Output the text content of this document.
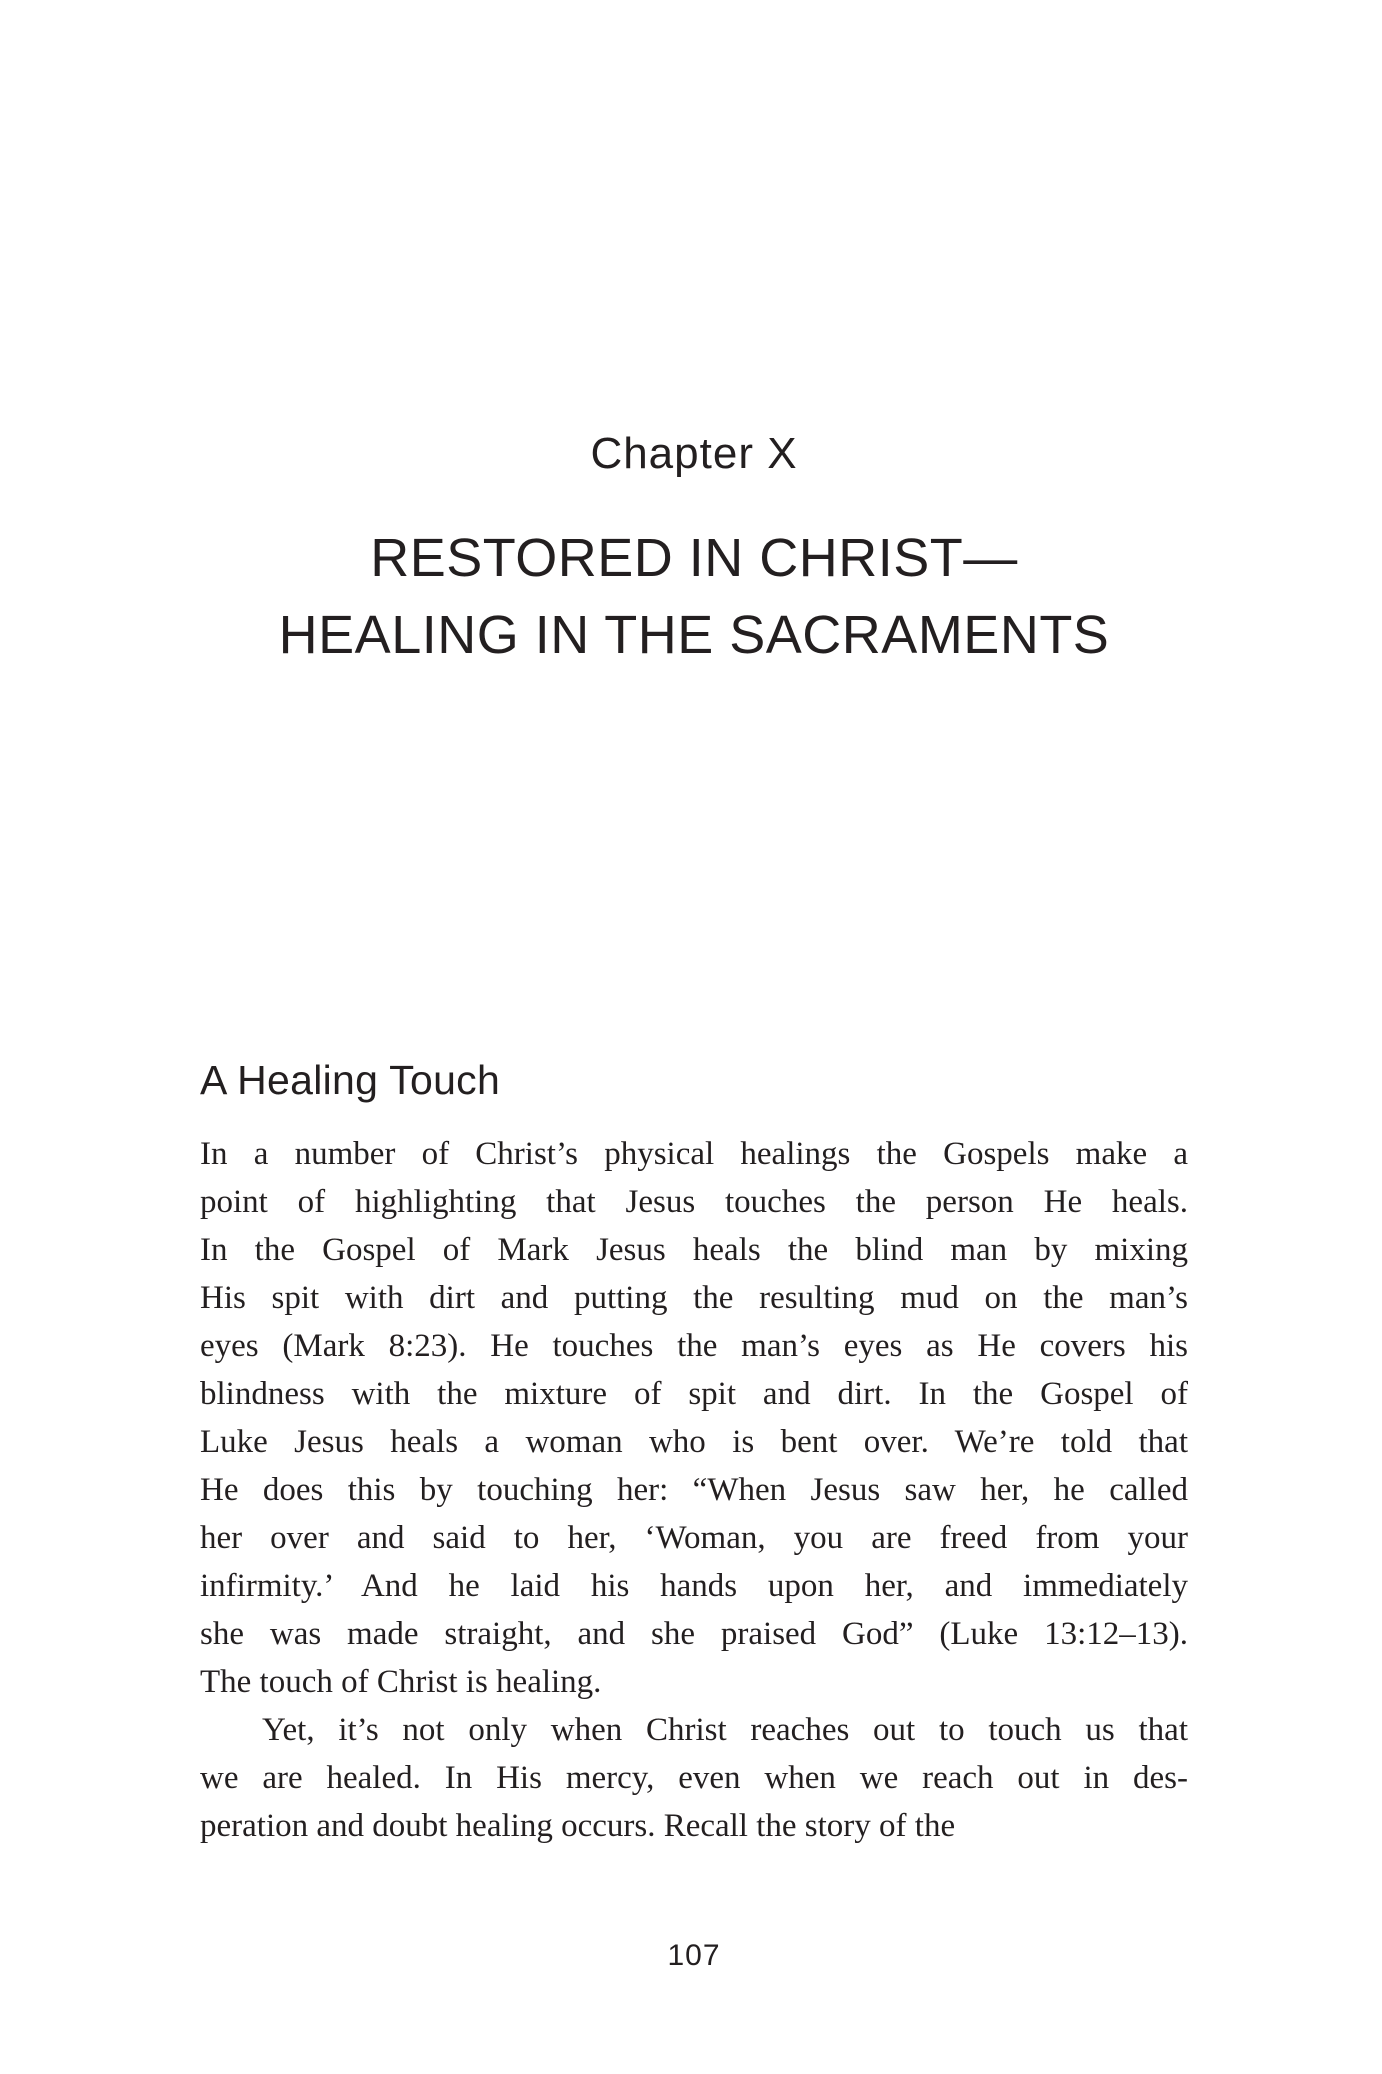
Chapter X
RESTORED IN CHRIST—
HEALING IN THE SACRAMENTS
A Healing Touch
In a number of Christ’s physical healings the Gospels make a
point of highlighting that Jesus touches the person He heals.
In the Gospel of Mark Jesus heals the blind man by mixing
His spit with dirt and putting the resulting mud on the man’s
eyes (Mark 8:23). He touches the man’s eyes as He covers his
blindness with the mixture of spit and dirt. In the Gospel of
Luke Jesus heals a woman who is bent over. We’re told that
He does this by touching her: “When Jesus saw her, he called
her over and said to her, ‘Woman, you are freed from your
infirmity.’ And he laid his hands upon her, and immediately
she was made straight, and she praised God” (Luke 13:12–13).
The touch of Christ is healing.
Yet, it’s not only when Christ reaches out to touch us that
we are healed. In His mercy, even when we reach out in des-
peration and doubt healing occurs. Recall the story of the
107
